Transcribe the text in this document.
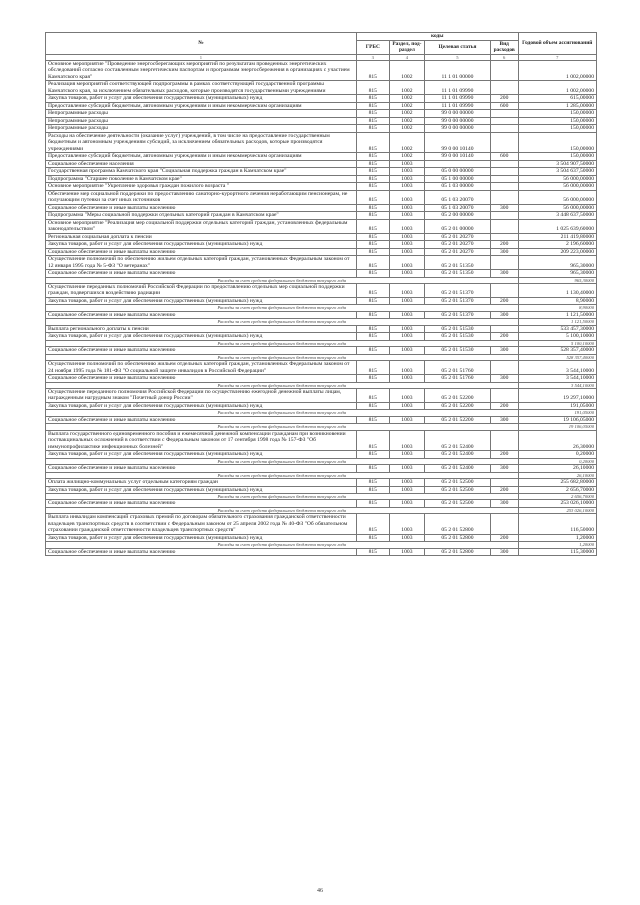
№	коды				Годовой объем ассигнований
	ГРБС	Раздел, под-раздел	Целевая статья	Вид расходов	
1	3	4	5	6	7
Основное мероприятие "Проведение энергосберегающих мероприятий по результатам проведенных энергетических обследований согласно составленным энергетическим паспортам и программам энергосбережения в организациях с участием Камчатского края"	815	1002	11 1 01 00000		1 002,00000
Реализация мероприятий соответствующей подпрограммы в рамках соответствующей государственной программы Камчатского края, за исключением обязательных расходов, которые производятся государственными учреждениями	815	1002	11 1 01 09990		1 002,00000
Закупка товаров, работ и услуг для обеспечения государственных (муниципальных) нужд	815	1002	11 1 01 09990	200	615,00000
Предоставление субсидий бюджетным, автономным учреждениям и иным некоммерческим организациям	815	1002	11 1 01 09990	600	1 285,00000
Непрограммные расходы	815	1002	99 0 00 00000		150,00000
Непрограммные расходы	815	1002	99 0 00 00000		150,00000
Непрограммные расходы	815	1002	99 0 00 00000		150,00000
Расходы на обеспечение деятельности (оказание услуг) учреждений, в том числе на предоставление государственным бюджетным и автономным учреждениям субсидий, за исключением обязательных расходов, которые производятся учреждениями	815	1002	99 0 00 10140		150,00000
Предоставление субсидий бюджетным, автономным учреждениям и иным некоммерческим организациям	815	1002	99 0 00 10140	600	150,00000
Социальное обеспечение населения	815	1003			3 504 907,50000
Государственная программа Камчатского края "Социальная поддержка граждан в Камчатском крае"	815	1003	05 0 00 00000		3 504 637,50000
Подпрограмма "Старшее поколение в Камчатском крае"	815	1003	05 1 00 00000		56 000,00000
Основное мероприятие "Укрепление здоровья граждан пожилого возраста "	815	1003	05 1 03 00000		56 000,00000
Обеспечение мер социальной поддержки по предоставлению санаторно-курортного лечения неработающим пенсионерам, не получающим путевки за счет иных источников	815	1003	05 1 03 20070		56 000,00000
Социальное обеспечение и иные выплаты населению	815	1003	05 1 03 20070	300	56 000,00000
Подпрограмма "Меры социальной поддержки отдельных категорий граждан в Камчатском крае"	815	1003	05 2 00 00000		3 448 637,50000
Основное мероприятие "Реализация мер социальной поддержки отдельных категорий граждан, установленных федеральным законодательством"	815	1003	05 2 01 00000		1 025 639,60000
Региональная социальная доплата к пенсии	815	1003	05 2 01 20270		211 419,80000
Закупка товаров, работ и услуг для обеспечения государственных (муниципальных) нужд	815	1003	05 2 01 20270	200	2 196,60000
Социальное обеспечение и иные выплаты населению	815	1003	05 2 01 20270	300	209 223,00000
Осуществление полномочий по обеспечению жильем отдельных категорий граждан, установленных Федеральным законом от 12 января 1995 года № 5-ФЗ "О ветеранах"	815	1003	05 2 01 51350		965,30000
Социальное обеспечение и иные выплаты населению	815	1003	05 2 01 51350	300	965,30000
Расходы за счет средств федерального бюджета текущего года					965,30000
Осуществление переданных полномочий Российской Федерации по предоставлению отдельных мер социальной поддержки граждан, подвергшихся воздействию радиации	815	1003	05 2 01 51370		1 130,40000
Закупка товаров, работ и услуг для обеспечения государственных (муниципальных) нужд	815	1003	05 2 01 51370	200	8,90000
Расходы за счет средств федерального бюджета текущего года					8,90000
Социальное обеспечение и иные выплаты населению	815	1003	05 2 01 51370	300	1 121,50000
Расходы за счет средств федерального бюджета текущего года					1 121,50000
Выплата регионального доплаты к пенсии	815	1003	05 2 01 51530		533 457,30000
Закупка товаров, работ и услуг для обеспечения государственных (муниципальных) нужд	815	1003	05 2 01 51530	200	5 100,10000
Расходы за счет средств федерального бюджета текущего года					5 100,10000
Социальное обеспечение и иные выплаты населению	815	1003	05 2 01 51530	300	528 357,40000
Расходы за счет средств федерального бюджета текущего года					528 357,40000
Осуществление полномочий по обеспечению жильем отдельных категорий граждан, установленных Федеральным законом от 24 ноября 1995 года № 181-ФЗ "О социальной защите инвалидов в Российской Федерации"	815	1003	05 2 01 51760		3 544,10000
Социальное обеспечение и иные выплаты населению	815	1003	05 2 01 51760	300	3 544,10000
Расходы за счет средств федерального бюджета текущего года					3 544,10000
Осуществление переданного полномочия Российской Федерации по осуществлению ежегодной денежной выплаты лицам, награжденным нагрудным знаком "Почетный донор России"	815	1003	05 2 01 52200		19 297,10000
Закупка товаров, работ и услуг для обеспечения государственных (муниципальных) нужд	815	1003	05 2 01 52200	200	191,05000
Расходы за счет средств федерального бюджета текущего года					191,05000
Социальное обеспечение и иные выплаты населению	815	1003	05 2 01 52200	300	19 106,05000
Расходы за счет средств федерального бюджета текущего года					19 106,05000
Выплата государственного единовременного пособия и ежемесячной денежной компенсации гражданам при возникновении поствакцинальных осложнений в соответствии с Федеральным законом от 17 сентября 1998 года № 157-ФЗ "Об иммунопрофилактике инфекционных болезней"	815	1003	05 2 01 52400		26,30000
Закупка товаров, работ и услуг для обеспечения государственных (муниципальных) нужд	815	1003	05 2 01 52400	200	0,20000
Расходы за счет средств федерального бюджета текущего года					0,20000
Социальное обеспечение и иные выплаты населению	815	1003	05 2 01 52400	300	26,10000
Расходы за счет средств федерального бюджета текущего года					26,10000
Оплата жилищно-коммунальных услуг отдельным категориям граждан	815	1003	05 2 01 52500		255 682,80000
Закупка товаров, работ и услуг для обеспечения государственных (муниципальных) нужд	815	1003	05 2 01 52500	200	2 656,70000
Расходы за счет средств федерального бюджета текущего года					2 656,70000
Социальное обеспечение и иные выплаты населению	815	1003	05 2 01 52500	300	253 026,10000
Расходы за счет средств федерального бюджета текущего года					253 026,10000
Выплата инвалидам компенсаций страховых премий по договорам обязательного страхования гражданской ответственности владельцев транспортных средств в соответствии с Федеральным законом от 25 апреля 2002 года № 40-ФЗ "Об обязательном страховании гражданской ответственности владельцев транспортных средств"	815	1003	05 2 01 52800		116,50000
Закупка товаров, работ и услуг для обеспечения государственных (муниципальных) нужд	815	1003	05 2 01 52800	200	1,20000
Расходы за счет средств федерального бюджета текущего года					1,20000
Социальное обеспечение и иные выплаты населению	815	1003	05 2 01 52800	300	115,30000
46
